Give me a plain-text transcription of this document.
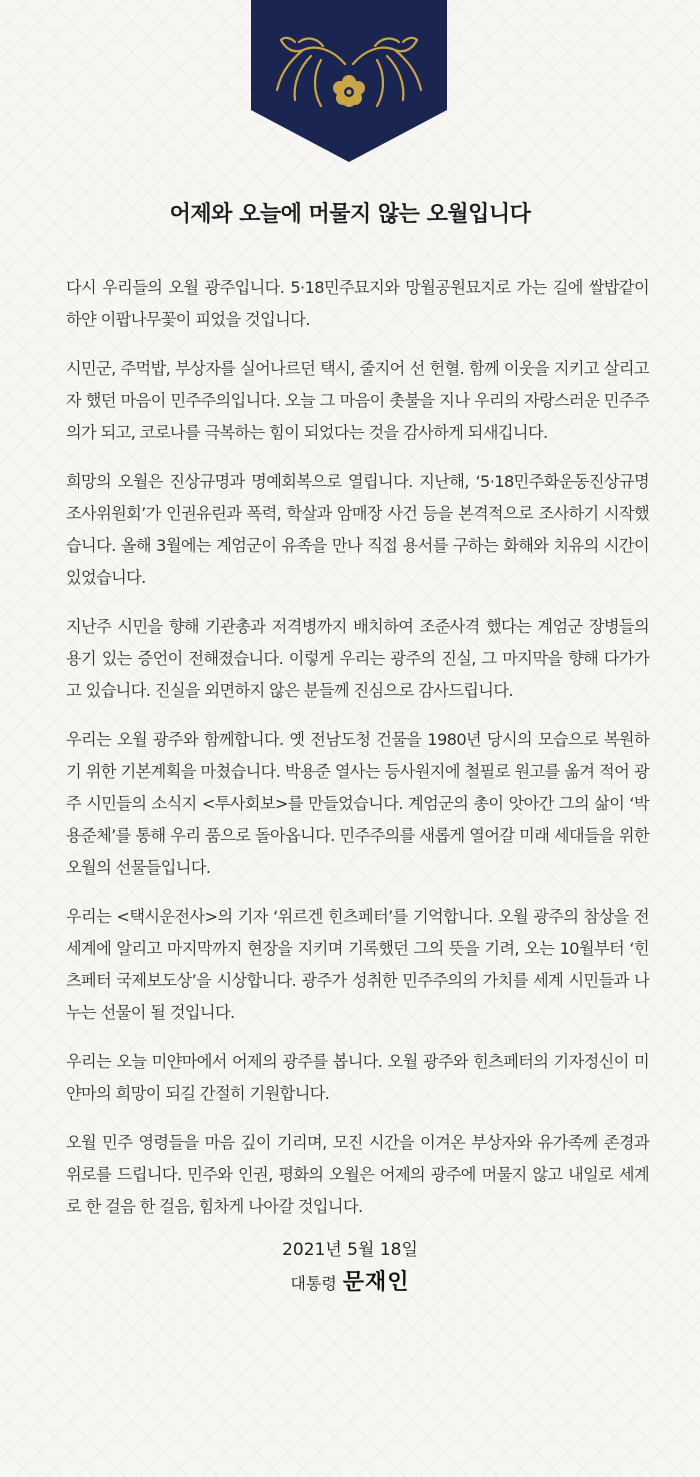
어제와 오늘에 머물지 않는 오월입니다

다시 우리들의 오월 광주입니다. 5·18민주묘지와 망월공원묘지로 가는 길에 쌀밥같이 하얀 이팝나무꽃이 피었을 것입니다.

시민군, 주먹밥, 부상자를 실어나르던 택시, 줄지어 선 헌혈. 함께 이웃을 지키고 살리고자 했던 마음이 민주주의입니다. 오늘 그 마음이 촛불을 지나 우리의 자랑스러운 민주주의가 되고, 코로나를 극복하는 힘이 되었다는 것을 감사하게 되새깁니다.

희망의 오월은 진상규명과 명예회복으로 열립니다. 지난해, ‘5·18민주화운동진상규명조사위원회’가 인권유린과 폭력, 학살과 암매장 사건 등을 본격적으로 조사하기 시작했습니다. 올해 3월에는 계엄군이 유족을 만나 직접 용서를 구하는 화해와 치유의 시간이 있었습니다.

지난주 시민을 향해 기관총과 저격병까지 배치하여 조준사격 했다는 계엄군 장병들의 용기 있는 증언이 전해졌습니다. 이렇게 우리는 광주의 진실, 그 마지막을 향해 다가가고 있습니다. 진실을 외면하지 않은 분들께 진심으로 감사드립니다.

우리는 오월 광주와 함께합니다. 옛 전남도청 건물을 1980년 당시의 모습으로 복원하기 위한 기본계획을 마쳤습니다. 박용준 열사는 등사원지에 철필로 원고를 옮겨 적어 광주 시민들의 소식지 <투사회보>를 만들었습니다. 계엄군의 총이 앗아간 그의 삶이 ‘박용준체’를 통해 우리 품으로 돌아옵니다. 민주주의를 새롭게 열어갈 미래 세대들을 위한 오월의 선물들입니다.

우리는 <택시운전사>의 기자 ‘위르겐 힌츠페터’를 기억합니다. 오월 광주의 참상을 전 세계에 알리고 마지막까지 현장을 지키며 기록했던 그의 뜻을 기려, 오는 10월부터 ‘힌츠페터 국제보도상’을 시상합니다. 광주가 성취한 민주주의의 가치를 세계 시민들과 나누는 선물이 될 것입니다.

우리는 오늘 미얀마에서 어제의 광주를 봅니다. 오월 광주와 힌츠페터의 기자정신이 미얀마의 희망이 되길 간절히 기원합니다.

오월 민주 영령들을 마음 깊이 기리며, 모진 시간을 이겨온 부상자와 유가족께 존경과 위로를 드립니다. 민주와 인권, 평화의 오월은 어제의 광주에 머물지 않고 내일로 세계로 한 걸음 한 걸음, 힘차게 나아갈 것입니다.

2021년 5월 18일
대통령 문재인
